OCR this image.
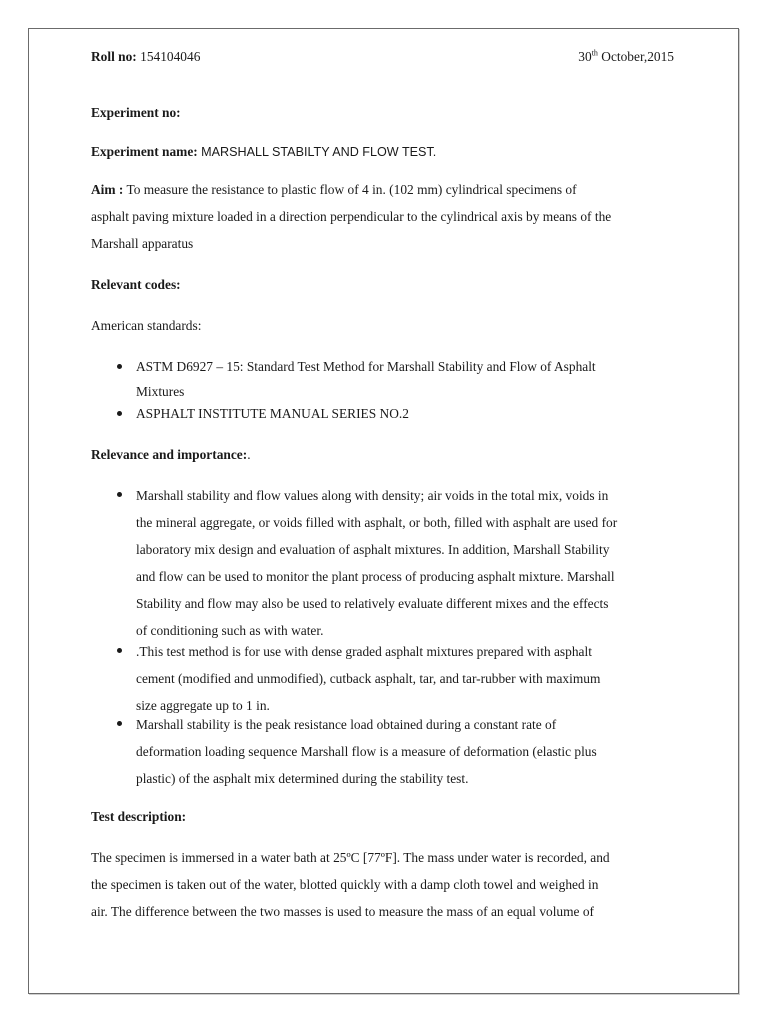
Roll no: 154104046	30th October,2015
Experiment no:
Experiment name: MARSHALL STABILTY AND FLOW TEST.
Aim : To measure the resistance to plastic flow of 4 in. (102 mm) cylindrical specimens of
asphalt paving mixture loaded in a direction perpendicular to the cylindrical axis by means of the
Marshall apparatus
Relevant codes:
American standards:
ASTM D6927 – 15: Standard Test Method for Marshall Stability and Flow of Asphalt
Mixtures
ASPHALT INSTITUTE MANUAL SERIES NO.2
Relevance and importance:.
Marshall stability and flow values along with density; air voids in the total mix, voids in
the mineral aggregate, or voids filled with asphalt, or both, filled with asphalt are used for
laboratory mix design and evaluation of asphalt mixtures. In addition, Marshall Stability
and flow can be used to monitor the plant process of producing asphalt mixture. Marshall
Stability and flow may also be used to relatively evaluate different mixes and the effects
of conditioning such as with water.
.This test method is for use with dense graded asphalt mixtures prepared with asphalt
cement (modified and unmodified), cutback asphalt, tar, and tar-rubber with maximum
size aggregate up to 1 in.
Marshall stability is the peak resistance load obtained during a constant rate of
deformation loading sequence Marshall flow is a measure of deformation (elastic plus
plastic) of the asphalt mix determined during the stability test.
Test description:
The specimen is immersed in a water bath at 25ºC [77ºF]. The mass under water is recorded, and
the specimen is taken out of the water, blotted quickly with a damp cloth towel and weighed in
air. The difference between the two masses is used to measure the mass of an equal volume of
